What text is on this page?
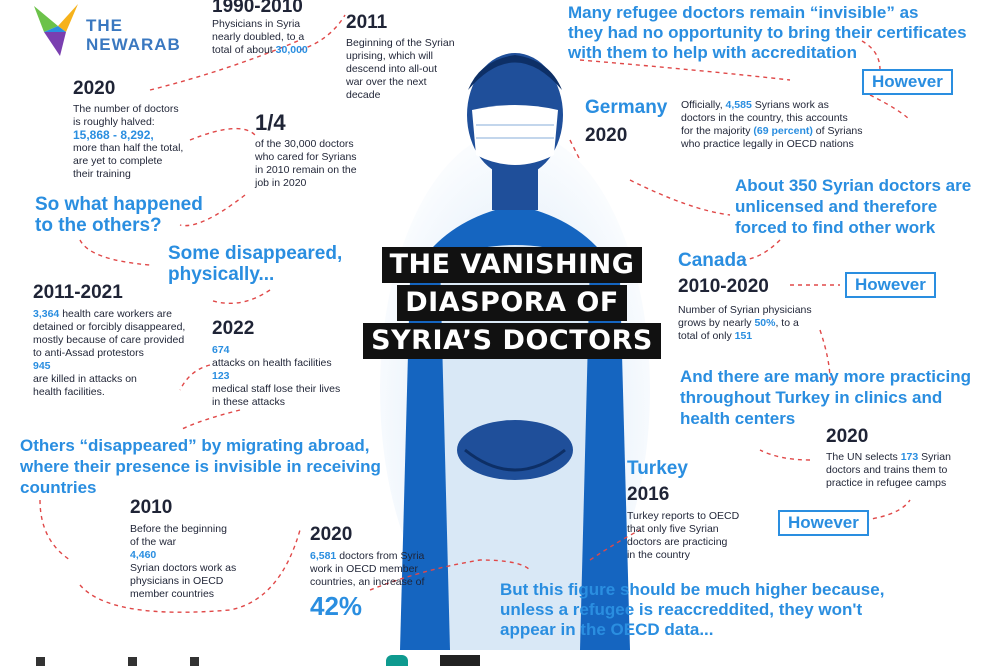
THE
NEWARAB
THE VANISHING
DIASPORA OF
SYRIA’S DOCTORS
1990-2010
Physicians in Syria
nearly doubled, to a
total of about 30,000
2011
Beginning of the Syrian
uprising, which will
descend into all-out
war over the next
decade
2020
The number of doctors
is roughly halved:
15,868 - 8,292,
more than half the total,
are yet to complete
their training
1/4
of the 30,000 doctors
who cared for Syrians
in 2010 remain on the
job in 2020
So what happened
to the others?
Some disappeared,
physically...
2011-2021
3,364 health care workers are
detained or forcibly disappeared,
mostly because of care provided
to anti-Assad protestors
945
are killed in attacks on
health facilities.
2022
674
attacks on health facilities
123
medical staff lose their lives
in these attacks
Others “disappeared” by migrating abroad,
where their presence is invisible in receiving
countries
2010
Before the beginning
of the war
4,460
Syrian doctors work as
physicians in OECD
member countries
2020
6,581 doctors from Syria
work in OECD member
countries, an increase of
42%
Many refugee doctors remain “invisible” as
they had no opportunity to bring their certificates
with them to help with accreditation
However
Germany
2020
Officially, 4,585 Syrians work as
doctors in the country, this accounts
for the majority (69 percent) of Syrians
who practice legally in OECD nations
About 350 Syrian doctors are
unlicensed and therefore
forced to find other work
Canada
2010-2020
Number of Syrian physicians
grows by nearly 50%, to a
total of only 151
However
And there are many more practicing
throughout Turkey in clinics and
health centers
2020
The UN selects 173 Syrian
doctors and trains them to
practice in refugee camps
Turkey
2016
Turkey reports to OECD
that only five Syrian
doctors are practicing
in the country
However
But this figure should be much higher because,
unless a refugee is reaccreddited, they won't
appear in the OECD data...
